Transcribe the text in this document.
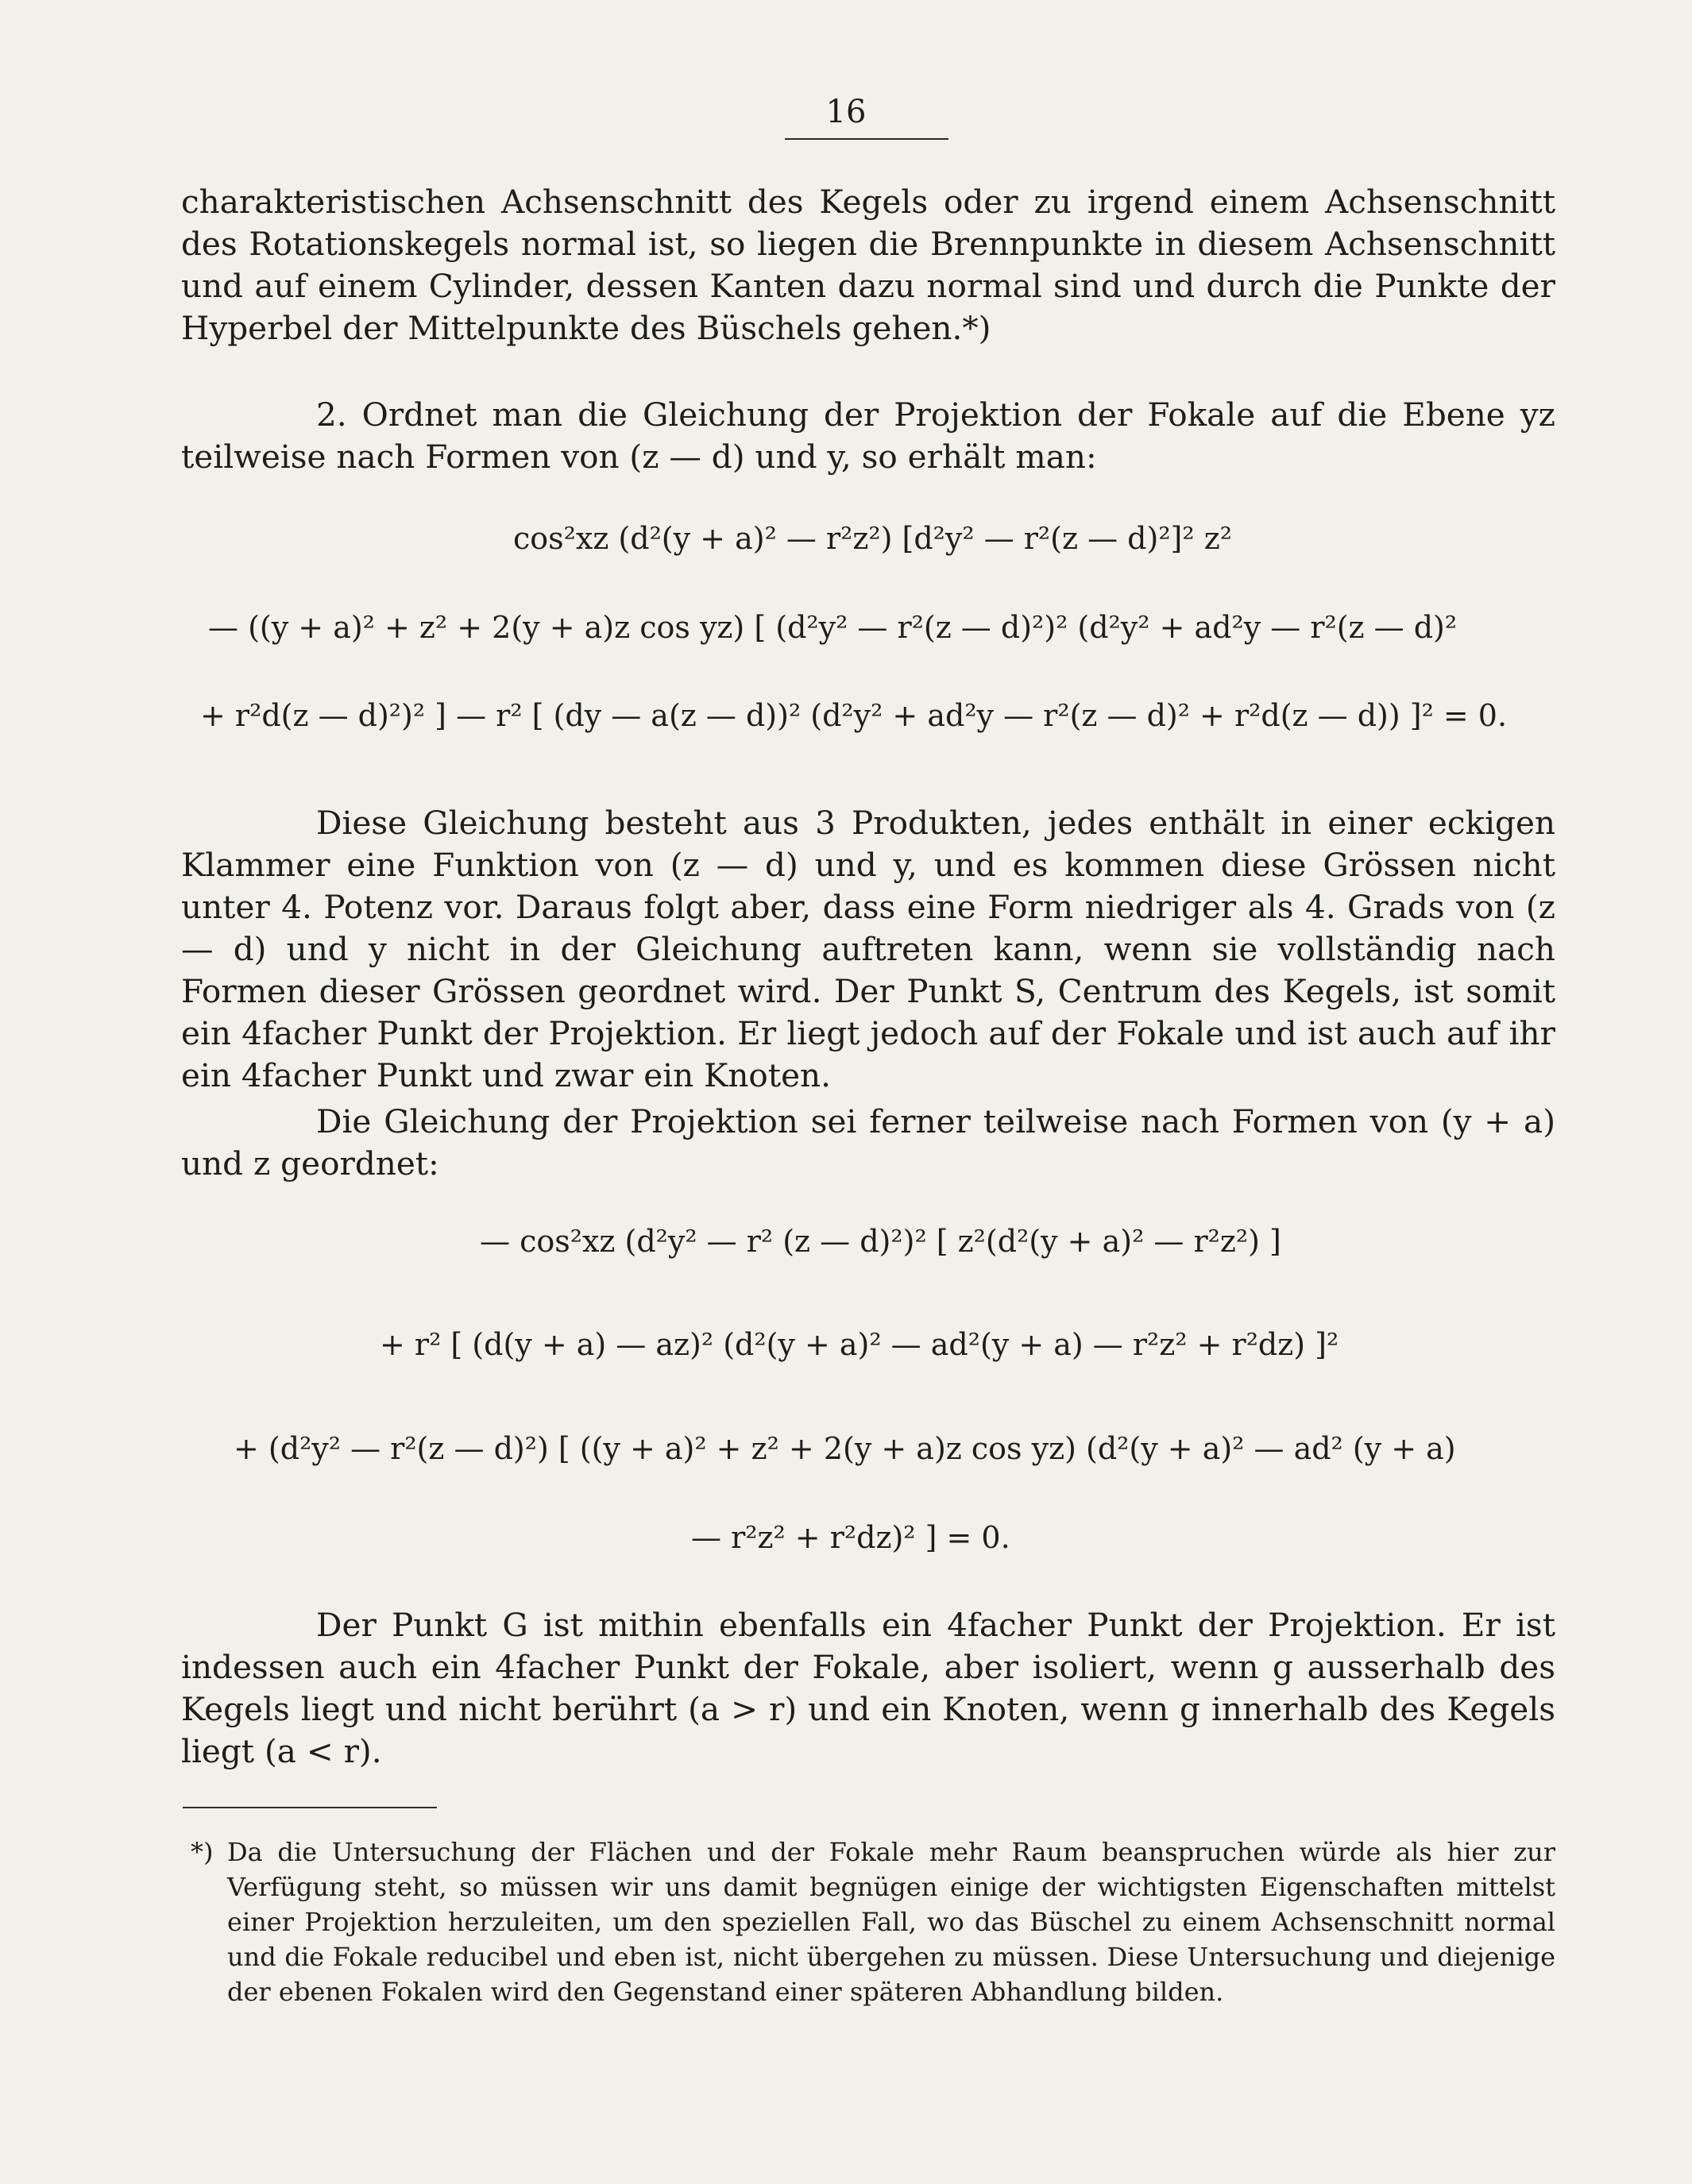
16
charakteristischen Achsenschnitt des Kegels oder zu irgend einem Achsenschnitt des Rotationskegels normal ist, so liegen die Brennpunkte in diesem Achsenschnitt und auf einem Cylinder, dessen Kanten dazu normal sind und durch die Punkte der Hyperbel der Mittelpunkte des Büschels gehen.*)
2. Ordnet man die Gleichung der Projektion der Fokale auf die Ebene yz teilweise nach Formen von (z — d) und y, so erhält man:
cos²xz (d²(y + a)² — r²z²) [d²y² — r²(z — d)²]² z²
— ((y + a)² + z² + 2(y + a)z cos yz) [ (d²y² — r²(z — d)²)² (d²y² + ad²y — r²(z — d)²
+ r²d(z — d)²)² ] — r² [ (dy — a(z — d))² (d²y² + ad²y — r²(z — d)² + r²d(z — d)) ]² = 0.
Diese Gleichung besteht aus 3 Produkten, jedes enthält in einer eckigen Klammer eine Funktion von (z — d) und y, und es kommen diese Grössen nicht unter 4. Potenz vor. Daraus folgt aber, dass eine Form niedriger als 4. Grads von (z — d) und y nicht in der Gleichung auftreten kann, wenn sie vollständig nach Formen dieser Grössen geordnet wird. Der Punkt S, Centrum des Kegels, ist somit ein 4facher Punkt der Projektion. Er liegt jedoch auf der Fokale und ist auch auf ihr ein 4facher Punkt und zwar ein Knoten.
Die Gleichung der Projektion sei ferner teilweise nach Formen von (y + a) und z geordnet:
— cos²xz (d²y² — r² (z — d)²)² [ z²(d²(y + a)² — r²z²) ]
+ r² [ (d(y + a) — az)² (d²(y + a)² — ad²(y + a) — r²z² + r²dz) ]²
+ (d²y² — r²(z — d)²) [ ((y + a)² + z² + 2(y + a)z cos yz) (d²(y + a)² — ad² (y + a)
— r²z² + r²dz)² ] = 0.
Der Punkt G ist mithin ebenfalls ein 4facher Punkt der Projektion. Er ist indessen auch ein 4facher Punkt der Fokale, aber isoliert, wenn g ausserhalb des Kegels liegt und nicht berührt (a > r) und ein Knoten, wenn g innerhalb des Kegels liegt (a < r).
*) Da die Untersuchung der Flächen und der Fokale mehr Raum beanspruchen würde als hier zur Verfügung steht, so müssen wir uns damit begnügen einige der wichtigsten Eigenschaften mittelst einer Projektion herzuleiten, um den speziellen Fall, wo das Büschel zu einem Achsenschnitt normal und die Fokale reducibel und eben ist, nicht übergehen zu müssen. Diese Untersuchung und diejenige der ebenen Fokalen wird den Gegenstand einer späteren Abhandlung bilden.
